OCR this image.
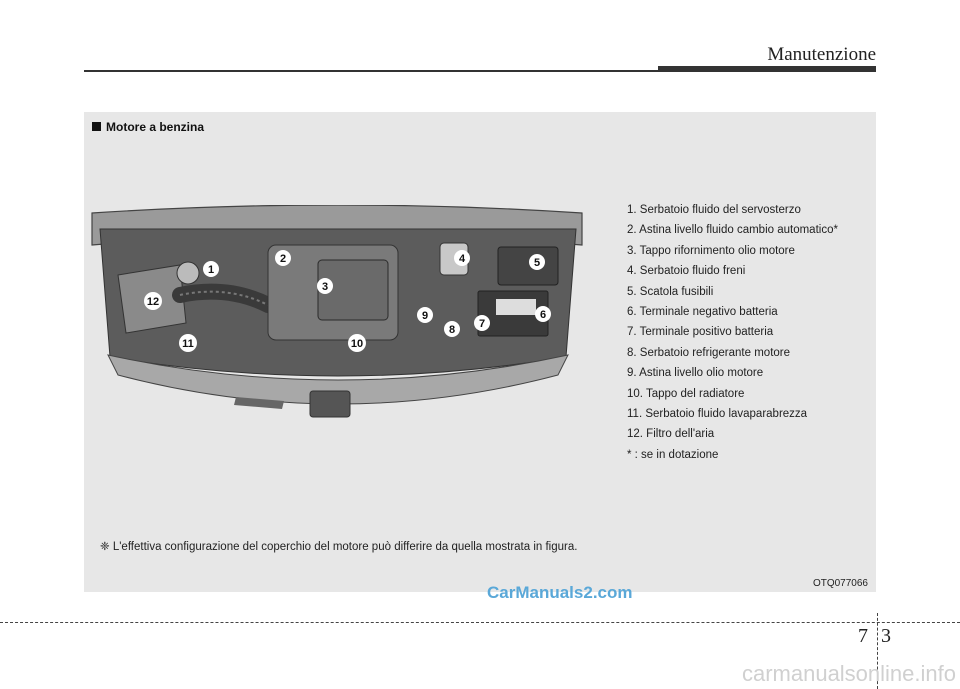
Manutenzione
Motore a benzina
1
2
3
4	5
6
7
8
9
10
11
12
1. Serbatoio fluido del servosterzo
2. Astina livello fluido cambio automatico*
3. Tappo rifornimento olio motore
4. Serbatoio fluido freni
5. Scatola fusibili
6. Terminale negativo batteria
7. Terminale positivo batteria
8. Serbatoio refrigerante motore
9. Astina livello olio motore
10. Tappo del radiatore
11. Serbatoio fluido lavaparabrezza
12. Filtro dell'aria
* : se in dotazione
❈ L'effettiva configurazione del coperchio del motore può differire da quella mostrata in figura.
OTQ077066
CarManuals2.com
7 3
carmanualsonline.info
